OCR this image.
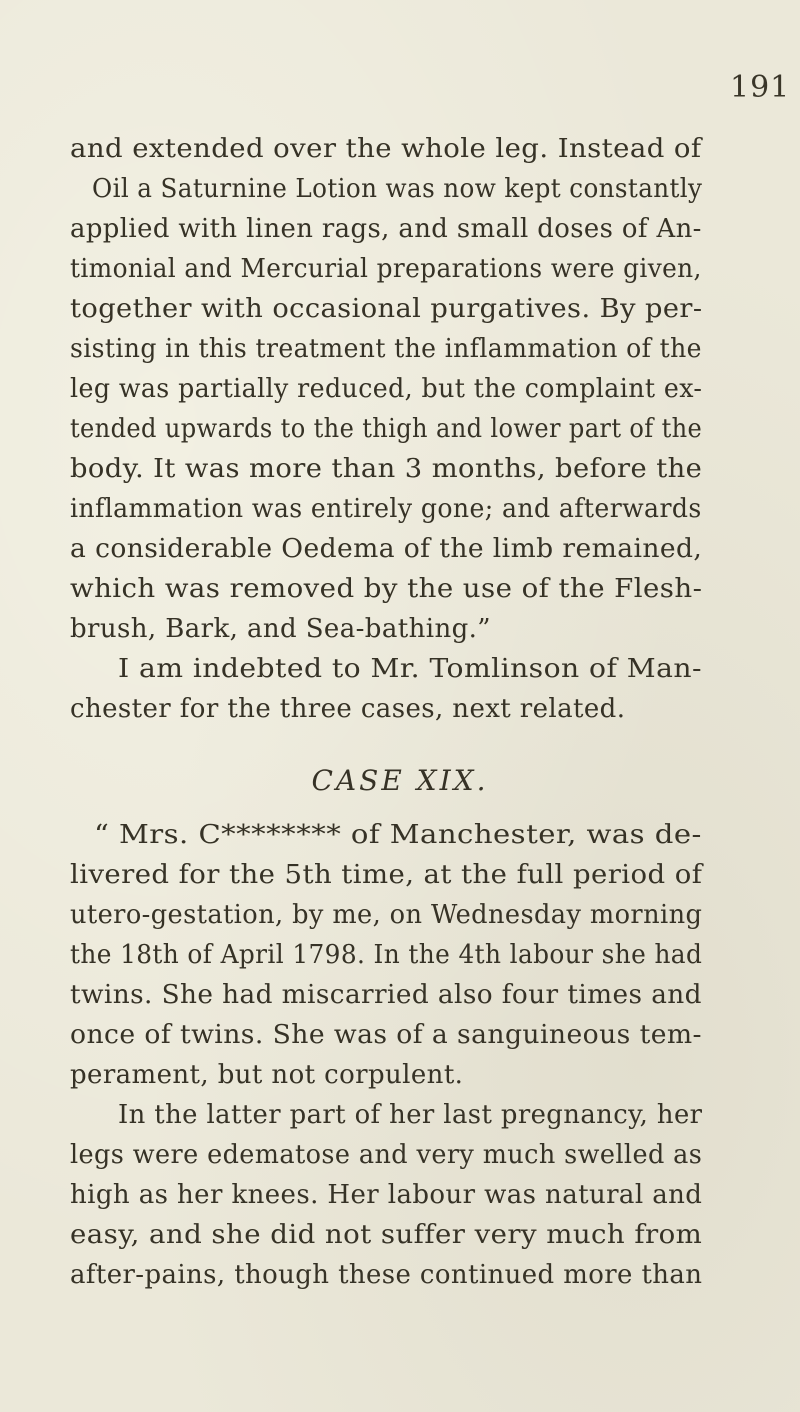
191
and extended over the whole leg. Instead of
Oil a Saturnine Lotion was now kept constantly
applied with linen rags, and small doses of An-
timonial and Mercurial preparations were given,
together with occasional purgatives. By per-
sisting in this treatment the inflammation of the
leg was partially reduced, but the complaint ex-
tended upwards to the thigh and lower part of the
body. It was more than 3 months, before the
inflammation was entirely gone; and afterwards
a considerable Oedema of the limb remained,
which was removed by the use of the Flesh-
brush, Bark, and Sea-bathing.”
I am indebted to Mr. Tomlinson of Man-
chester for the three cases, next related.
CASE XIX.
“ Mrs. C******** of Manchester, was de-
livered for the 5th time, at the full period of
utero-gestation, by me, on Wednesday morning
the 18th of April 1798. In the 4th labour she had
twins. She had miscarried also four times and
once of twins. She was of a sanguineous tem-
perament, but not corpulent.
In the latter part of her last pregnancy, her
legs were edematose and very much swelled as
high as her knees. Her labour was natural and
easy, and she did not suffer very much from
after-pains, though these continued more than
